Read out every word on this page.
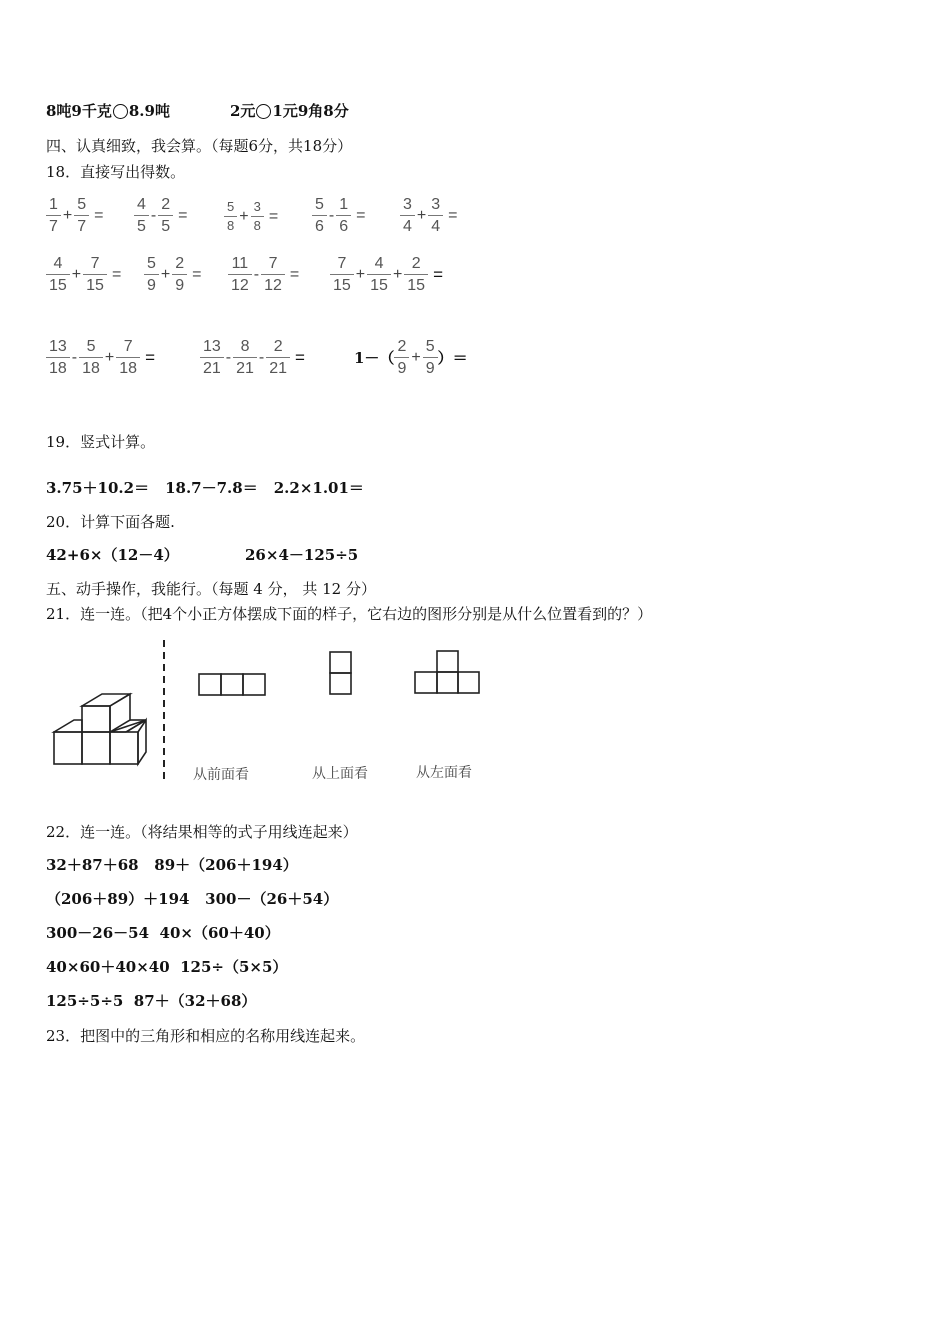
8吨9千克 8.9吨	2元 1元9角8分
四、认真细致，我会算。（每题6分，共18分）
18．直接写出得数。
$\frac{1}{7} + \frac{5}{7} = \frac{4}{5} - \frac{2}{5}$ =	$\frac{5}{8} + \frac{3}{8} = \frac{5}{6} - \frac{1}{6} = \frac{3}{4} + \frac{3}{4}$ =
$\frac{4}{15} + \frac{7}{15} = \frac{5}{9} + \frac{2}{9} = \frac{11}{12} - \frac{7}{12} = \frac{7}{15} + \frac{4}{15} + \frac{2}{15}$ =
$\frac{13}{18} - \frac{5}{18} + \frac{7}{18}$ =	$\frac{13}{21} - \frac{8}{21} - \frac{2}{21}$ =	$1-( \frac{2}{9} + \frac{5}{9}$ ）＝
19．竖式计算。
3.75＋10.2＝ 18.7－7.8＝ 2.2×1.01＝
20．计算下面各题.
42+6×（12－4）	26×4－125÷5
五、动手操作，我能行。（每题 4 分， 共 12 分）
21．连一连。（把4个小正方体摆成下面的样子，它右边的图形分别是从什么位置看到的？）
从前面看	从上面看	从左面看
22．连一连。（将结果相等的式子用线连起来）
32＋87＋68 89＋（206＋194）
（206＋89）＋194 300－（26＋54）
300－26－54 40×（60＋40）
40×60＋40×40 125÷（5×5）
125÷5÷5 87＋（32＋68）
23．把图中的三角形和相应的名称用线连起来。
